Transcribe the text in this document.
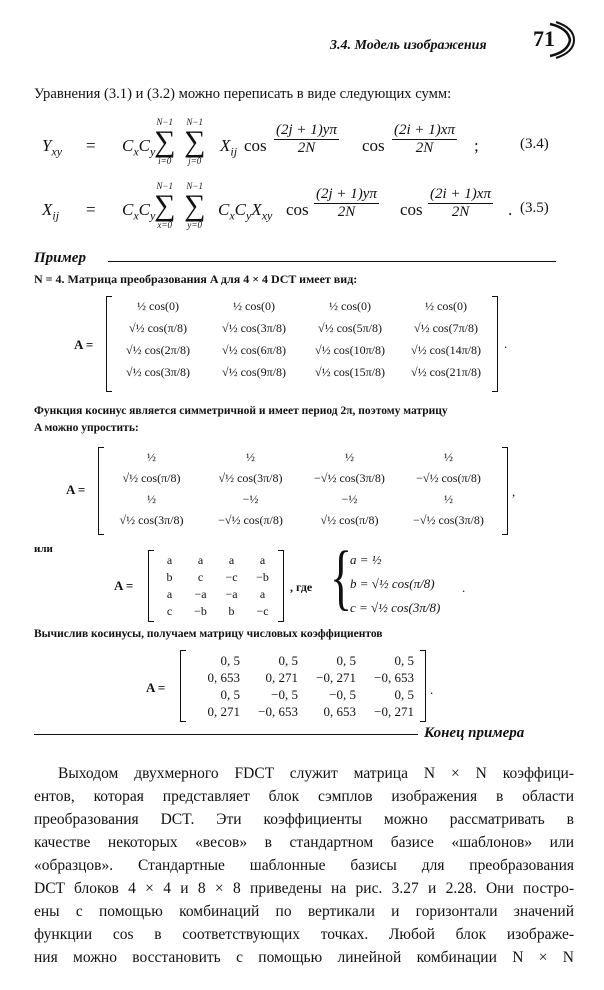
3.4. Модель изображения 71
Уравнения (3.1) и (3.2) можно переписать в виде следующих сумм:
$Y_{xy} = C_xC_y$
N−1
∑
i=0
N−1
∑
j=0
$X_{ij}$ $\cos \frac{(2j + 1)y\pi}{2N}$ $\cos \frac{(2i + 1)x\pi}{2N}$ ;	(3.4)
$X_{ij} = C_xC_y$
N−1
∑
x=0
N−1
∑
y=0
$C_xC_yX_{xy}$ $\cos \frac{(2j + 1)y\pi}{2N}$ $\cos \frac{(2i + 1)x\pi}{2N}$ . (3.5)
Пример
N = 4. Матрица преобразования A для 4 × 4 DCT имеет вид:
A =
½ cos(0)	½ cos(0)	½ cos(0)	½ cos(0)
√½ cos(π/8)	√½ cos(3π/8)	√½ cos(5π/8)	√½ cos(7π/8)
√½ cos(2π/8)	√½ cos(6π/8)	√½ cos(10π/8)	√½ cos(14π/8)
√½ cos(3π/8)	√½ cos(9π/8)	√½ cos(15π/8)	√½ cos(21π/8)
.
Функция косинус является симметричной и имеет период 2π, поэтому матрицу
A можно упростить:
A =
½	½	½	½
√½ cos(π/8)	√½ cos(3π/8)	−√½ cos(3π/8)	−√½ cos(π/8)
½	−½	−½	½
√½ cos(3π/8)	−√½ cos(π/8)	√½ cos(π/8)	−√½ cos(3π/8)
,
или
A =
a	a	a	a
b	c	−c	−b
a	−a	−a	a
c	−b	b	−c
, где {
a = ½
b = √½ cos(π/8)
c = √½ cos(3π/8)
.
Вычислив косинусы, получаем матрицу числовых коэффициентов
A =
0, 5	0, 5	0, 5	0, 5
0, 653	0, 271	−0, 271	−0, 653
0, 5	−0, 5	−0, 5	0, 5
0, 271	−0, 653	0, 653	−0, 271
.
Конец примера
Выходом двухмерного FDCT служит матрица N × N коэффици-
ентов, которая представляет блок сэмплов изображения в области
преобразования DCT. Эти коэффициенты можно рассматривать в
качестве некоторых «весов» в стандартном базисе «шаблонов» или
«образцов». Стандартные шаблонные базисы для преобразования
DCT блоков 4 × 4 и 8 × 8 приведены на рис. 3.27 и 2.28. Они постро-
ены с помощью комбинаций по вертикали и горизонтали значений
функции cos в соответствующих точках. Любой блок изображе-
ния можно восстановить с помощью линейной комбинации N × N
